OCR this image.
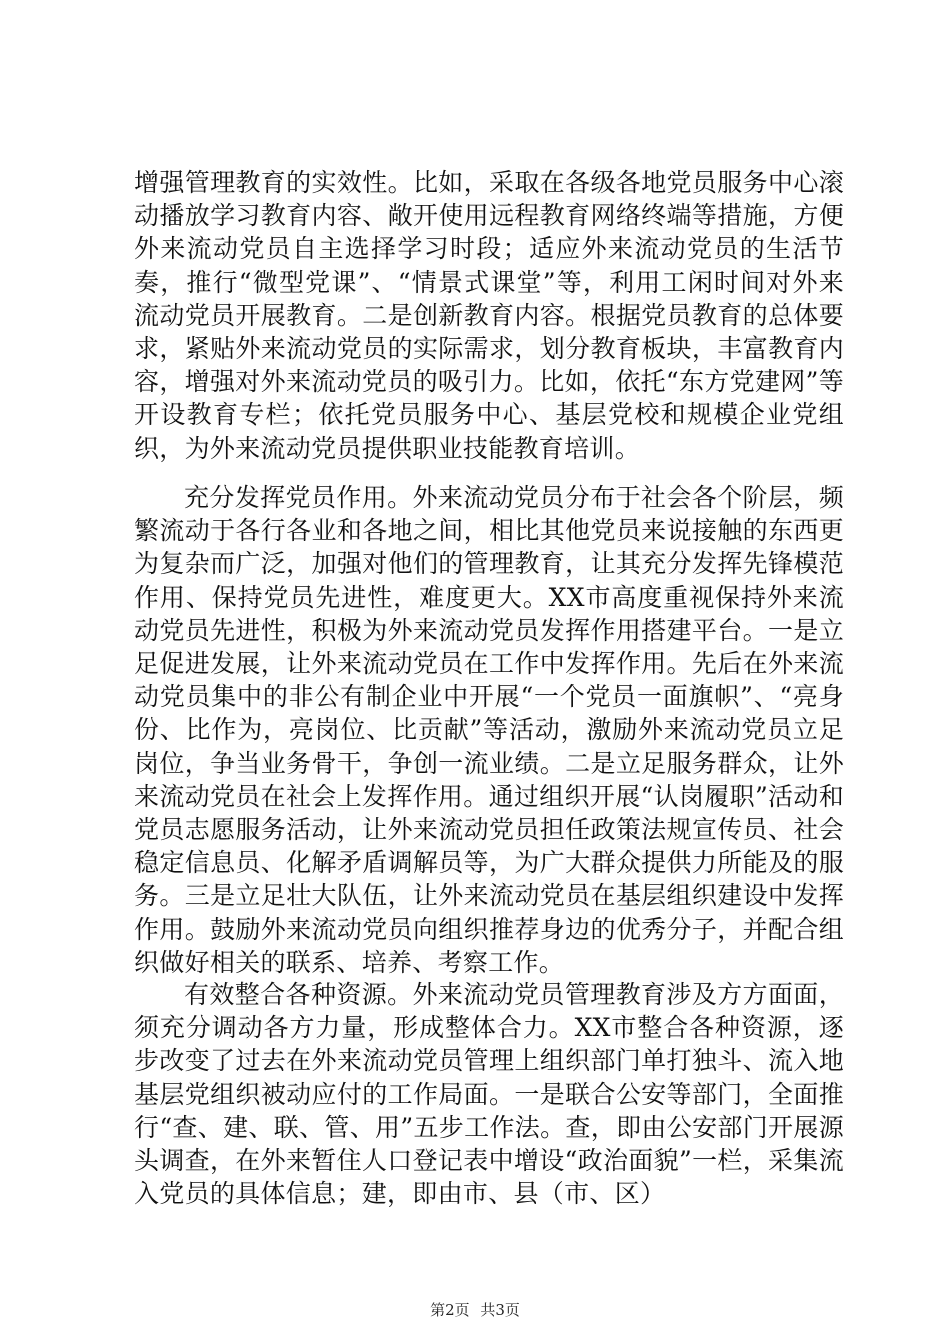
增强管理教育的实效性。比如，采取在各级各地党员服务中心滚动播放学习教育内容、敞开使用远程教育网络终端等措施，方便外来流动党员自主选择学习时段；适应外来流动党员的生活节奏，推行“微型党课”、“情景式课堂”等，利用工闲时间对外来流动党员开展教育。二是创新教育内容。根据党员教育的总体要求，紧贴外来流动党员的实际需求，划分教育板块，丰富教育内容，增强对外来流动党员的吸引力。比如，依托“东方党建网”等开设教育专栏；依托党员服务中心、基层党校和规模企业党组织，为外来流动党员提供职业技能教育培训。

充分发挥党员作用。外来流动党员分布于社会各个阶层，频繁流动于各行各业和各地之间，相比其他党员来说接触的东西更为复杂而广泛，加强对他们的管理教育，让其充分发挥先锋模范作用、保持党员先进性，难度更大。XX市高度重视保持外来流动党员先进性，积极为外来流动党员发挥作用搭建平台。一是立足促进发展，让外来流动党员在工作中发挥作用。先后在外来流动党员集中的非公有制企业中开展“一个党员一面旗帜”、“亮身份、比作为，亮岗位、比贡献”等活动，激励外来流动党员立足岗位，争当业务骨干，争创一流业绩。二是立足服务群众，让外来流动党员在社会上发挥作用。通过组织开展“认岗履职”活动和党员志愿服务活动，让外来流动党员担任政策法规宣传员、社会稳定信息员、化解矛盾调解员等，为广大群众提供力所能及的服务。三是立足壮大队伍，让外来流动党员在基层组织建设中发挥作用。鼓励外来流动党员向组织推荐身边的优秀分子，并配合组织做好相关的联系、培养、考察工作。

有效整合各种资源。外来流动党员管理教育涉及方方面面，须充分调动各方力量，形成整体合力。XX市整合各种资源，逐步改变了过去在外来流动党员管理上组织部门单打独斗、流入地基层党组织被动应付的工作局面。一是联合公安等部门，全面推行“查、建、联、管、用”五步工作法。查，即由公安部门开展源头调查，在外来暂住人口登记表中增设“政治面貌”一栏，采集流入党员的具体信息；建，即由市、县（市、区）

第2页 共3页
